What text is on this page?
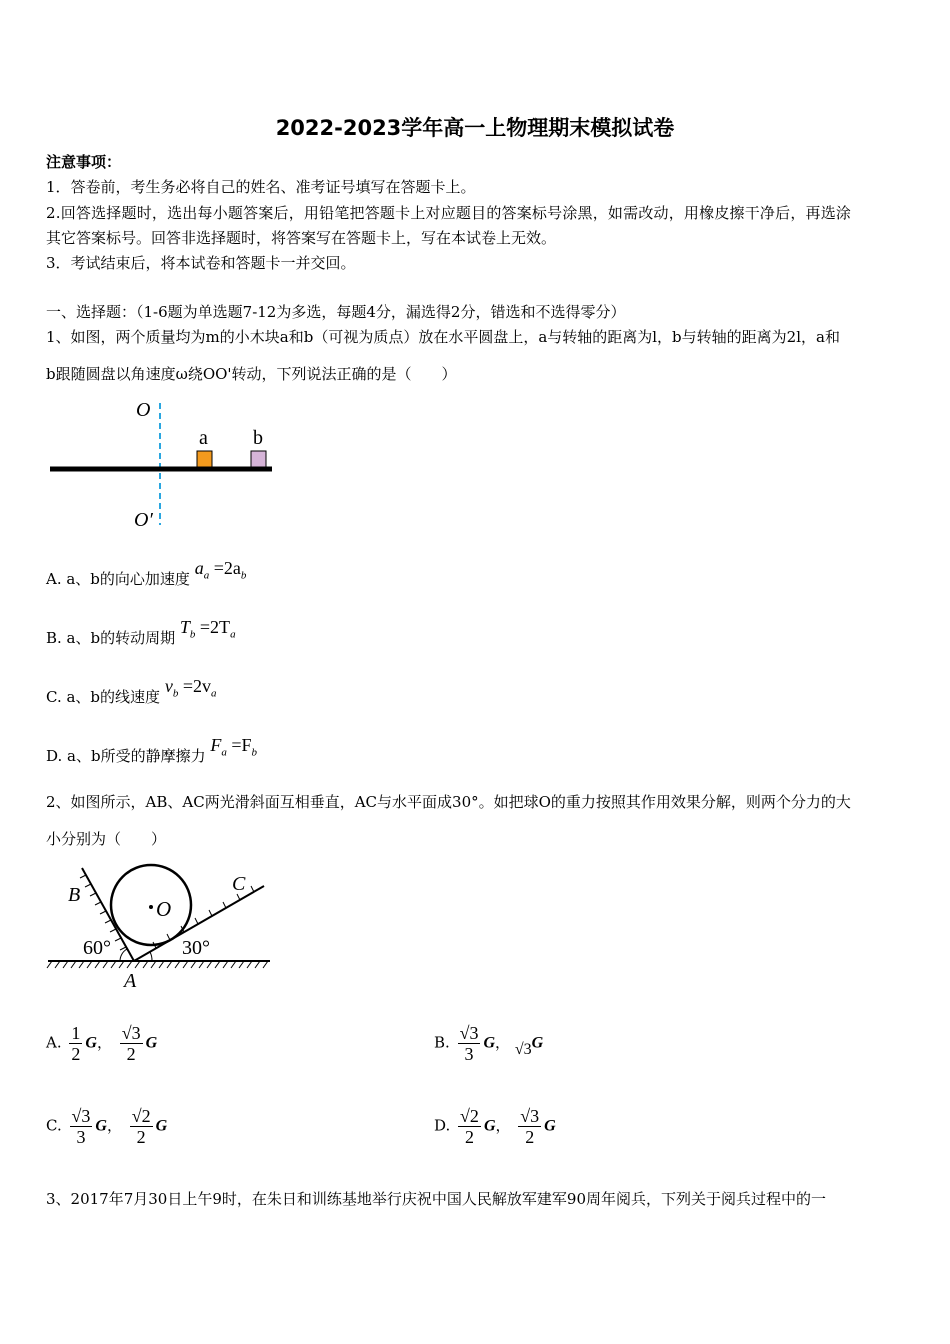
2022-2023学年高一上物理期末模拟试卷
注意事项：
1．答卷前，考生务必将自己的姓名、准考证号填写在答题卡上。
2.回答选择题时，选出每小题答案后，用铅笔把答题卡上对应题目的答案标号涂黑，如需改动，用橡皮擦干净后，再选涂
其它答案标号。回答非选择题时，将答案写在答题卡上，写在本试卷上无效。
3．考试结束后，将本试卷和答题卡一并交回。
一、选择题：（1-6题为单选题7-12为多选，每题4分，漏选得2分，错选和不选得零分）
1、如图，两个质量均为m的小木块a和b（可视为质点）放在水平圆盘上，a与转轴的距离为l，b与转轴的距离为2l，a和
b跟随圆盘以角速度ω绕OO'转动，下列说法正确的是（　　）
O
O′
a b
A. a、b的向心加速度 $a_a =2a_b$
B. a、b的转动周期 $T_b =2T_a$
C. a、b的线速度 $v_b =2v_a$
D. a、b所受的静摩擦力 $F_a =F_b$
2、如图所示，AB、AC两光滑斜面互相垂直，AC与水平面成30°。如把球O的重力按照其作用效果分解，则两个分力的大
小分别为（　　）
B	C
O
A
60°	30°
A. $\frac{1}{2}$ G， $\frac{√3}{2}$ G	B. $\frac{√3}{3}$ G， √3G
C. $\frac{√3}{3}$ G， $\frac{√2}{2}$ G	D. $\frac{√2}{2}$ G， $\frac{√3}{2}$ G
3、2017年7月30日上午9时，在朱日和训练基地举行庆祝中国人民解放军建军90周年阅兵，下列关于阅兵过程中的一
